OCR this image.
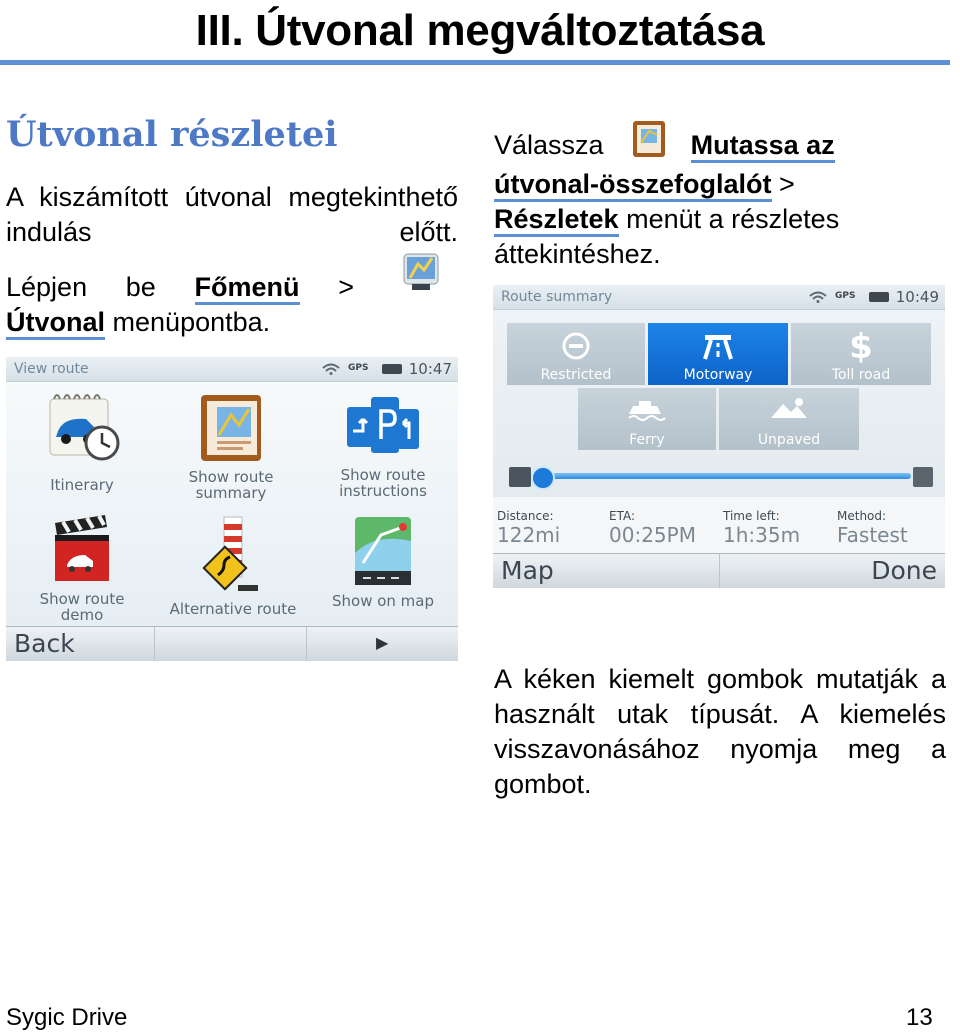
III. Útvonal megváltoztatása
Útvonal részletei
A kiszámított útvonal megtekinthető indulás előtt.
Lépjen be Főmenü >
Útvonal menüpontba.
View route	GPS	10:47
Itinerary	Show route summary
Show route instructions
Show route demo	Alternative route Show on map
Back	▶
Válassza	Mutassa az
útvonal-összefoglalót >
Részletek menüt a részletes áttekintéshez.
Route summary	GPS	10:49
Restricted	Motorway
$
Toll road
Ferry	Unpaved
Distance:
122mi
ETA:
00:25PM
Time left:
1h:35m
Method:
Fastest
Map	Done
A kéken kiemelt gombok mutatják a használt utak típusát. A kiemelés visszavonásához nyomja meg a gombot.
Sygic Drive	13
